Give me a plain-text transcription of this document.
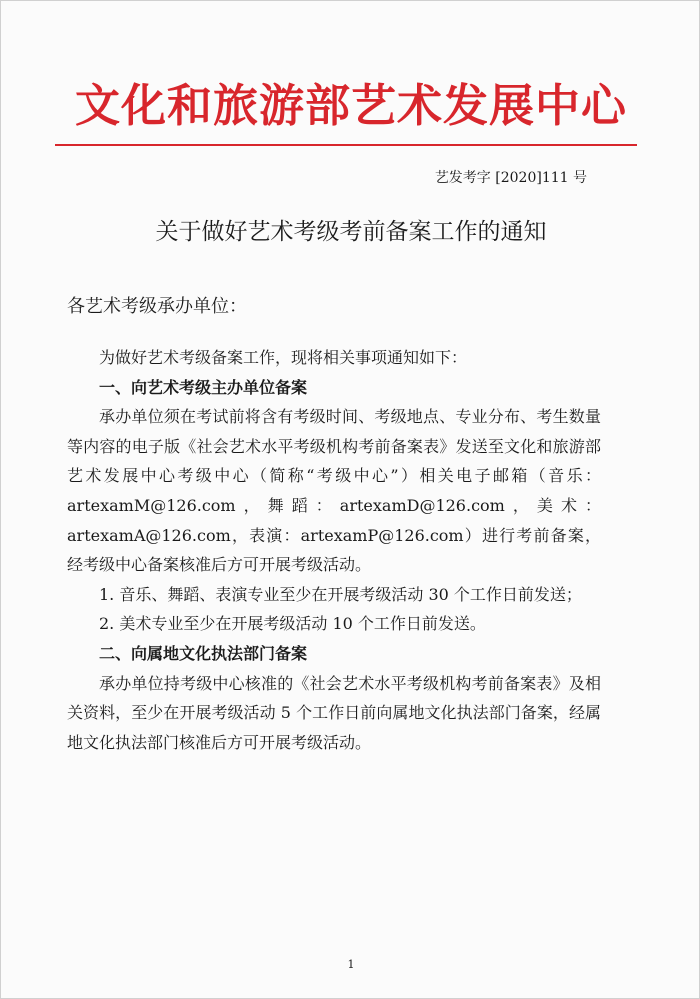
文化和旅游部艺术发展中心
艺发考字 [2020]111 号
关于做好艺术考级考前备案工作的通知
各艺术考级承办单位：

为做好艺术考级备案工作，现将相关事项通知如下：

一、向艺术考级主办单位备案

承办单位须在考试前将含有考级时间、考级地点、专业分布、考生数量等内容的电子版《社会艺术水平考级机构考前备案表》发送至文化和旅游部艺术发展中心考级中心（简称“考级中心”）相关电子邮箱（音乐：artexamM@126.com，舞蹈：artexamD@126.com，美术：artexamA@126.com，表演：artexamP@126.com）进行考前备案，经考级中心备案核准后方可开展考级活动。

1. 音乐、舞蹈、表演专业至少在开展考级活动 30 个工作日前发送；

2. 美术专业至少在开展考级活动 10 个工作日前发送。

二、向属地文化执法部门备案

承办单位持考级中心核准的《社会艺术水平考级机构考前备案表》及相关资料，至少在开展考级活动 5 个工作日前向属地文化执法部门备案，经属地文化执法部门核准后方可开展考级活动。

1
